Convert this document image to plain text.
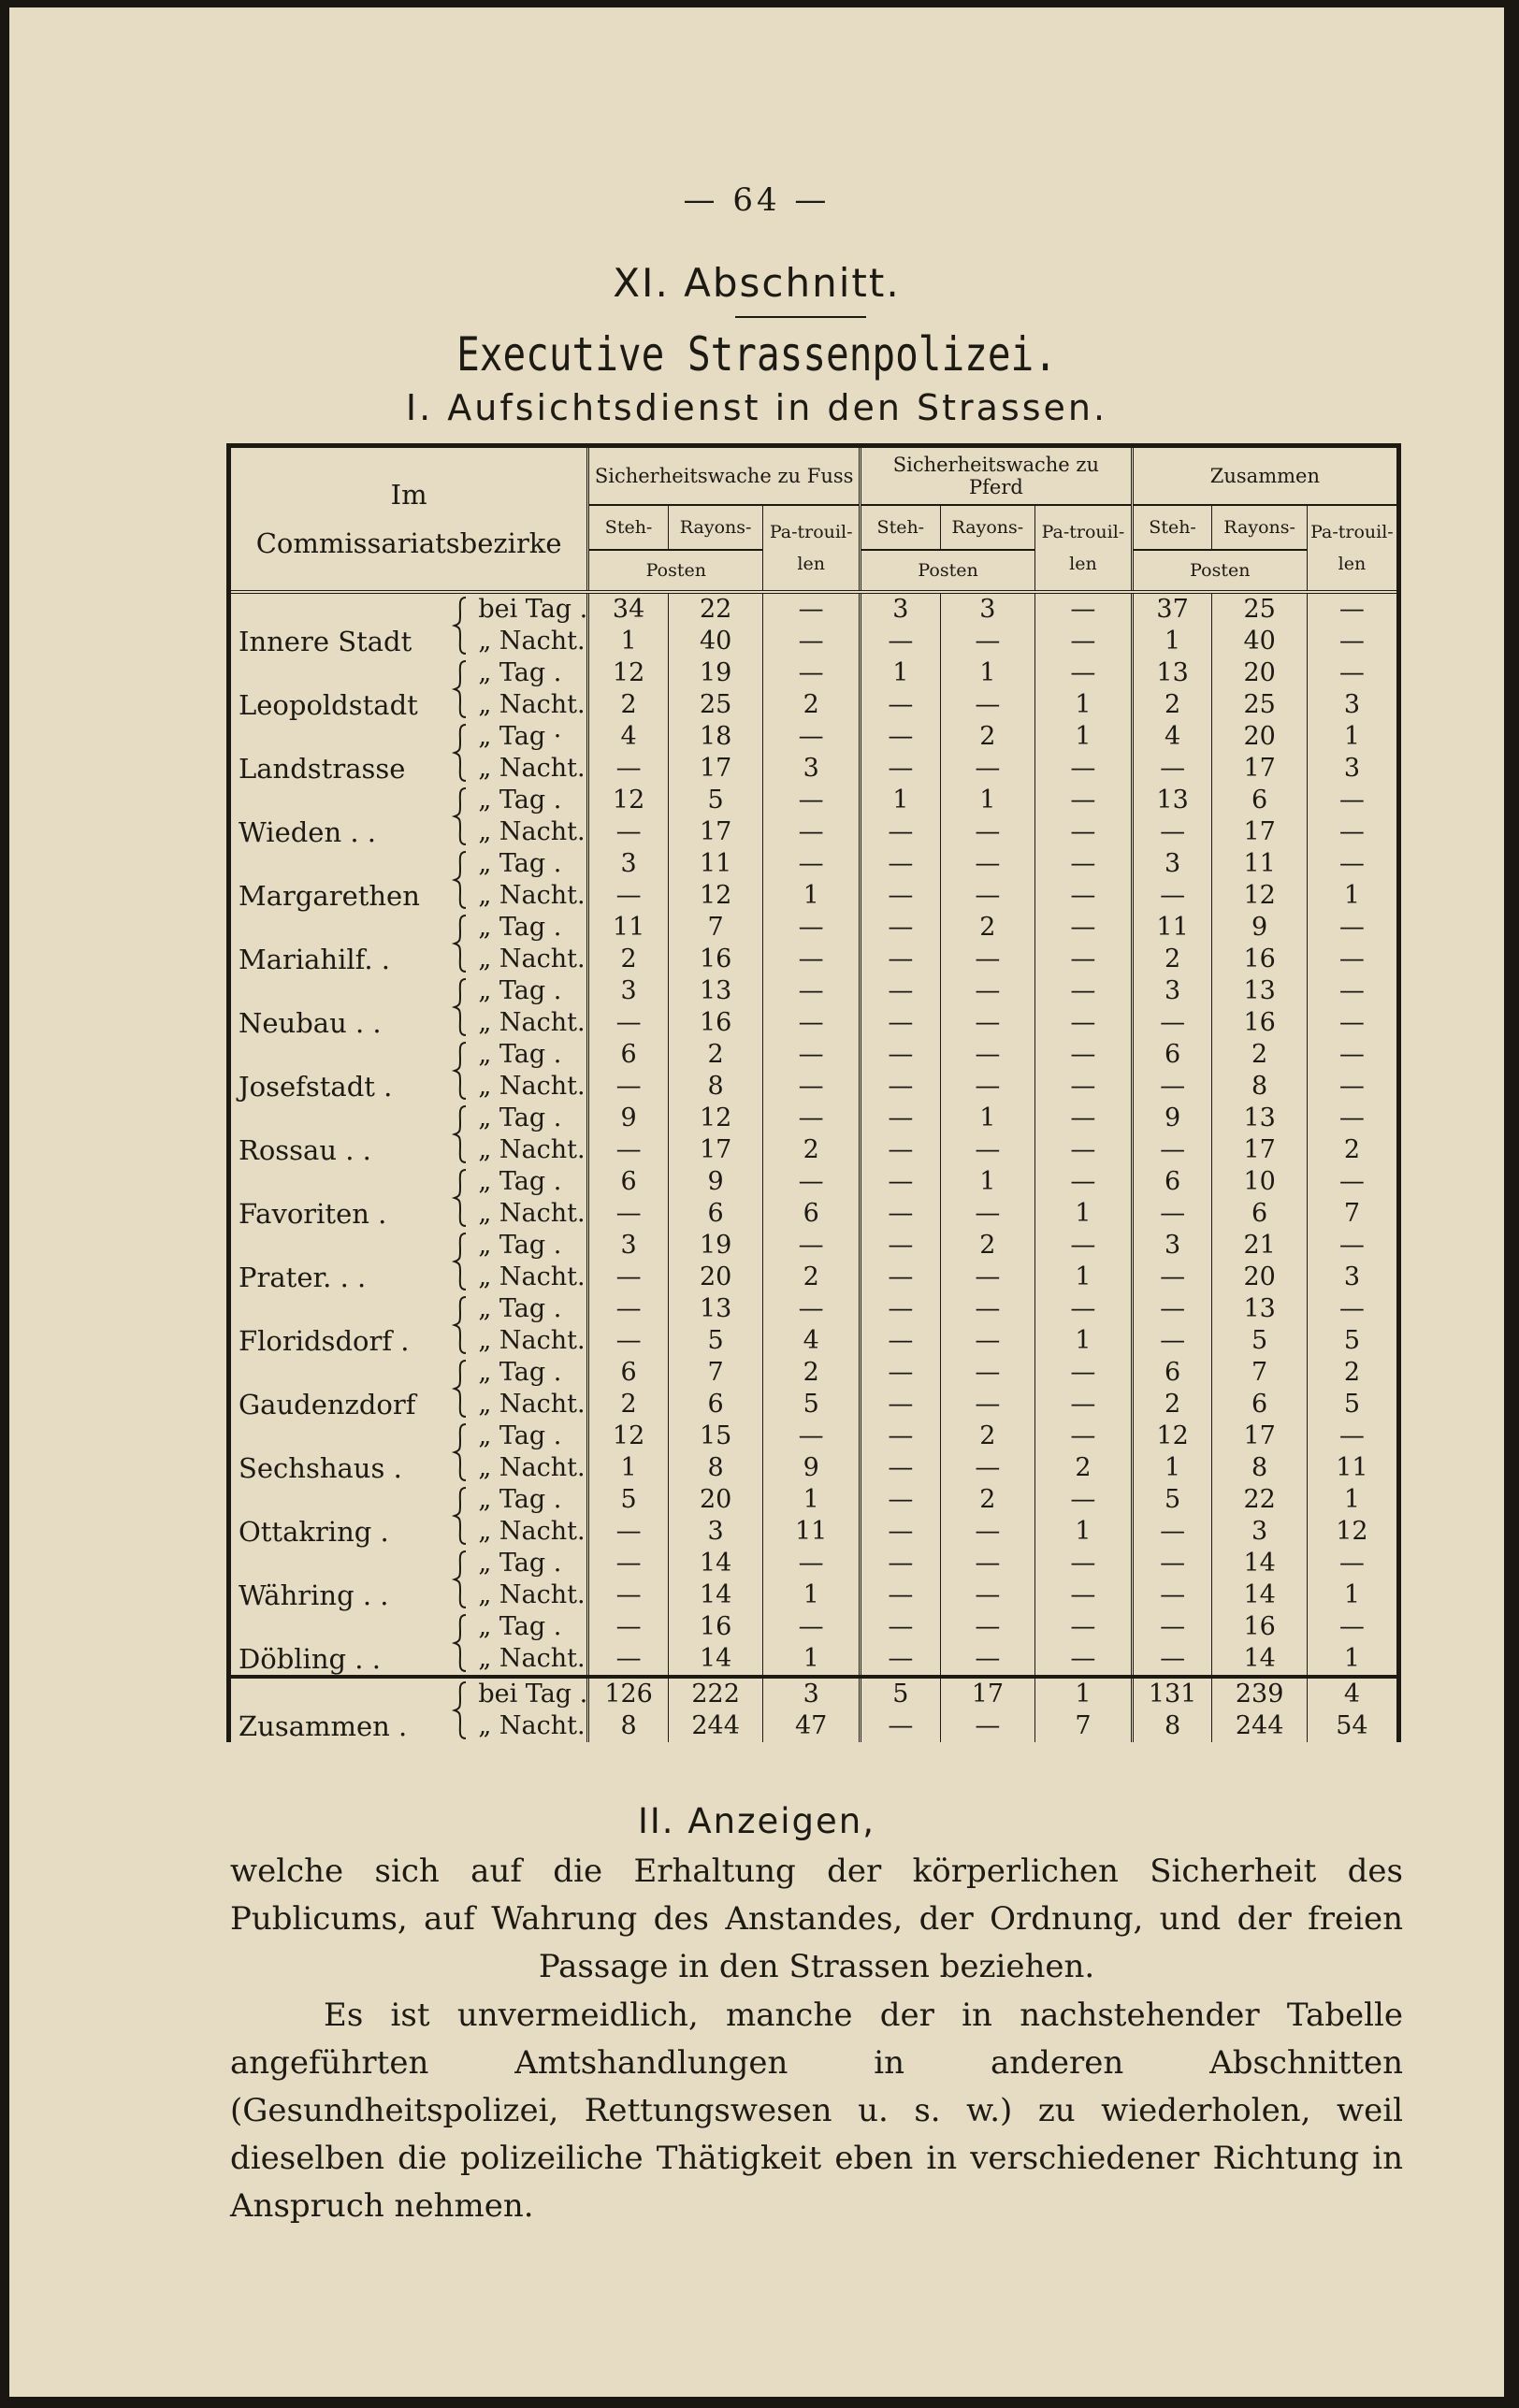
— 64 —
XI. Abschnitt.
Executive Strassenpolizei.
I. Aufsichtsdienst in den Strassen.
Im
Commissariatsbezirke			Sicherheitswache zu Fuss			Sicherheitswache zu Pferd			Zusammen		
			Steh-	Rayons-	Pa-trouil-len	Steh-	Rayons-	Pa-trouil-len	Steh-	Rayons-	Pa-trouil-len
			Posten			Posten			Posten		
Innere Stadt		bei Tag .	34	22	—	3	3	—	37	25	—
		„ Nacht.	1	40	—	—	—	—	1	40	—
Leopoldstadt		„ Tag .	12	19	—	1	1	—	13	20	—
		„ Nacht.	2	25	2	—	—	1	2	25	3
Landstrasse		„ Tag ·	4	18	—	—	2	1	4	20	1
		„ Nacht.	—	17	3	—	—	—	—	17	3
Wieden . .		„ Tag .	12	5	—	1	1	—	13	6	—
		„ Nacht.	—	17	—	—	—	—	—	17	—
Margarethen		„ Tag .	3	11	—	—	—	—	3	11	—
		„ Nacht.	—	12	1	—	—	—	—	12	1
Mariahilf. .		„ Tag .	11	7	—	—	2	—	11	9	—
		„ Nacht.	2	16	—	—	—	—	2	16	—
Neubau . .		„ Tag .	3	13	—	—	—	—	3	13	—
		„ Nacht.	—	16	—	—	—	—	—	16	—
Josefstadt .		„ Tag .	6	2	—	—	—	—	6	2	—
		„ Nacht.	—	8	—	—	—	—	—	8	—
Rossau . .		„ Tag .	9	12	—	—	1	—	9	13	—
		„ Nacht.	—	17	2	—	—	—	—	17	2
Favoriten .		„ Tag .	6	9	—	—	1	—	6	10	—
		„ Nacht.	—	6	6	—	—	1	—	6	7
Prater. . .		„ Tag .	3	19	—	—	2	—	3	21	—
		„ Nacht.	—	20	2	—	—	1	—	20	3
Floridsdorf .		„ Tag .	—	13	—	—	—	—	—	13	—
		„ Nacht.	—	5	4	—	—	1	—	5	5
Gaudenzdorf		„ Tag .	6	7	2	—	—	—	6	7	2
		„ Nacht.	2	6	5	—	—	—	2	6	5
Sechshaus .		„ Tag .	12	15	—	—	2	—	12	17	—
		„ Nacht.	1	8	9	—	—	2	1	8	11
Ottakring .		„ Tag .	5	20	1	—	2	—	5	22	1
		„ Nacht.	—	3	11	—	—	1	—	3	12
Währing . .		„ Tag .	—	14	—	—	—	—	—	14	—
		„ Nacht.	—	14	1	—	—	—	—	14	1
Döbling . .		„ Tag .	—	16	—	—	—	—	—	16	—
		„ Nacht.	—	14	1	—	—	—	—	14	1
Zusammen .		bei Tag .	126	222	3	5	17	1	131	239	4
		„ Nacht.	8	244	47	—	—	7	8	244	54
II. Anzeigen,
welche sich auf die Erhaltung der körperlichen Sicherheit des Publicums, auf Wahrung des Anstandes, der Ordnung, und der freien Passage in den Strassen beziehen.
Es ist unvermeidlich, manche der in nachstehender Tabelle angeführten Amtshandlungen in anderen Abschnitten (Gesundheitspolizei, Rettungswesen u. s. w.) zu wiederholen, weil dieselben die polizeiliche Thätigkeit eben in verschiedener Richtung in Anspruch nehmen.
